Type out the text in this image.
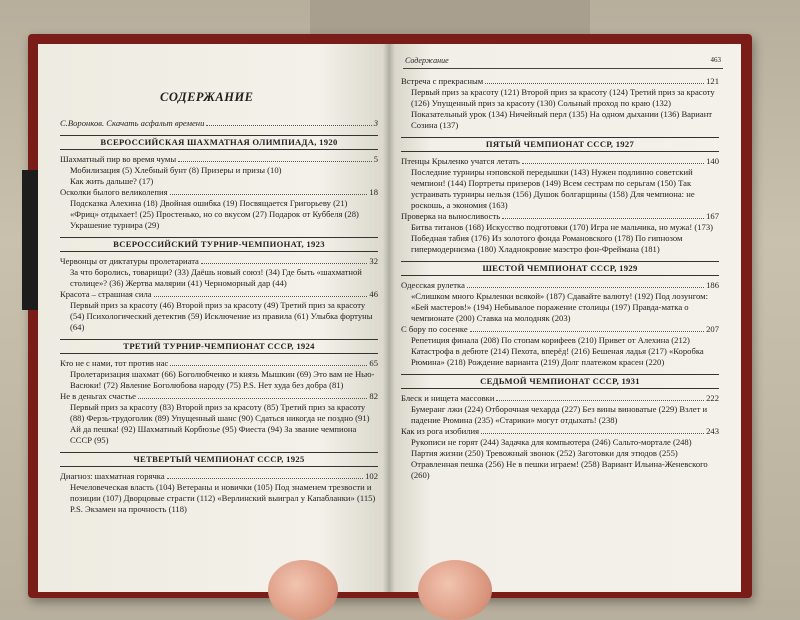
СОДЕРЖАНИЕ
С.Воронков. Скачать асфальт времени	3
ВСЕРОССИЙСКАЯ ШАХМАТНАЯ ОЛИМПИАДА, 1920
Шахматный пир во время чумы	5
Мобилизация (5) Хлебный бунт (8) Призеры и призы (10)
Как жить дальше? (17)
Осколки былого великолепия	18
Подсказка Алехина (18) Двойная ошибка (19) Посвящается Григорьеву (21) «Фриц» отдыхает! (25) Простенько, но со вкусом (27) Подарок от Куббеля (28) Украшение турнира (29)
ВСЕРОССИЙСКИЙ ТУРНИР-ЧЕМПИОНАТ, 1923
Червонцы от диктатуры пролетариата	32
За что боролись, товарищи? (33) Даёшь новый союз! (34) Где быть «шахматной столице»? (36) Жертва малярии (41) Черноморный дар (44)
Красота – страшная сила	46
Первый приз за красоту (46) Второй приз за красоту (49) Третий приз за красоту (54) Психологический детектив (59) Исключение из правила (61) Улыбка фортуны (64)
ТРЕТИЙ ТУРНИР-ЧЕМПИОНАТ СССР, 1924
Кто не с нами, тот против нас	65
Пролетаризация шахмат (66) Боголюбченко и князь Мышкин (69) Это вам не Нью-Васюки! (72) Явление Боголюбова народу (75) P.S. Нет худа без добра (81)
Не в деньгах счастье	82
Первый приз за красоту (83) Второй приз за красоту (85) Третий приз за красоту (88) Ферзь-трудоголик (89) Упущенный шанс (90) Сдаться никогда не поздно (91) Ай да пешка! (92) Шахматный Корбюзье (95) Фиеста (94) За звание чемпиона СССР (95)
ЧЕТВЕРТЫЙ ЧЕМПИОНАТ СССР, 1925
Диагноз: шахматная горячка	102
Нечеловеческая власть (104) Ветераны и новички (105) Под знаменем трезвости и позиции (107) Дворцовые страсти (112) «Верлинский выиграл у Капабланки» (115) P.S. Экзамен на прочность (118)
Содержание	463
Встреча с прекрасным	121
Первый приз за красоту (121) Второй приз за красоту (124) Третий приз за красоту (126) Упущенный приз за красоту (130) Сольный проход по краю (132) Показательный урок (134) Ничейный перл (135) На одном дыхании (136) Вариант Созина (137)
ПЯТЫЙ ЧЕМПИОНАТ СССР, 1927
Птенцы Крыленко учатся летать	140
Последние турниры нэповской передышки (143) Нужен подлинно советский чемпион! (144) Портреты призеров (149) Всем сестрам по серьгам (150) Так устраивать турниры нельзя (156) Душок болгарщины (158) Для чемпиона: не роскошь, а экономия (163)
Проверка на выносливость	167
Битва титанов (168) Искусство подготовки (170) Игра не мальчика, но мужа! (173) Победная табия (176) Из золотого фонда Романовского (178) По гипнозом гипермодернизма (180) Хладнокровие маэстро фон-Фреймана (181)
ШЕСТОЙ ЧЕМПИОНАТ СССР, 1929
Одесская рулетка	186
«Слишком много Крыленки всякой» (187) Сдавайте валюту! (192) Под лозунгом: «Бей мастеров!» (194) Небывалое поражение столицы (197) Правда-матка о чемпионате (200) Ставка на молодняк (203)
С бору по сосенке	207
Репетиция финала (208) По стопам корифеев (210) Привет от Алехина (212) Катастрофа в дебюте (214) Пехота, вперёд! (216) Бешеная ладья (217) «Коробка Рюмина» (218) Рождение варианта (219) Долг платежом красен (220)
СЕДЬМОЙ ЧЕМПИОНАТ СССР, 1931
Блеск и нищета массовки	222
Бумеранг лжи (224) Отборочная чехарда (227) Без вины виноватые (229) Взлет и падение Рюмина (235) «Старики» могут отдыхать! (238)
Как из рога изобилия	243
Рукописи не горят (244) Задачка для компьютера (246) Сальто-мортале (248) Партия жизни (250) Тревожный звонок (252) Заготовки для этюдов (255) Отравленная пешка (256) Не в пешки играем! (258) Вариант Ильина-Женевского (260)
